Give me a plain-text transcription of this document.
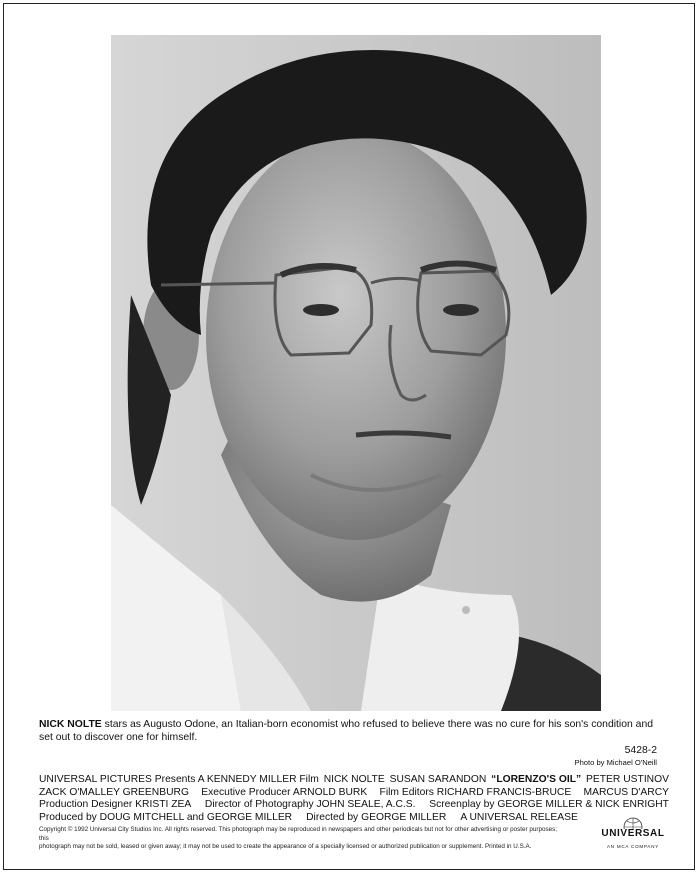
NICK NOLTE stars as Augusto Odone, an Italian-born economist who refused to believe there was no cure for his son's condition and set out to discover one for himself.
5428-2
Photo by Michael O'Neill
UNIVERSAL PICTURES Presents A KENNEDY MILLER Film NICK NOLTE SUSAN SARANDON “LORENZO'S OIL” PETER USTINOV
ZACK O'MALLEY GREENBURG Executive Producer ARNOLD BURK Film Editors RICHARD FRANCIS-BRUCE MARCUS D'ARCY
Production Designer KRISTI ZEA Director of Photography JOHN SEALE, A.C.S. Screenplay by GEORGE MILLER & NICK ENRIGHT
Produced by DOUG MITCHELL and GEORGE MILLER Directed by GEORGE MILLER A UNIVERSAL RELEASE
Copyright © 1992 Universal City Studios Inc. All rights reserved. This photograph may be reproduced in newspapers and other periodicals but not for other advertising or poster purposes; this
photograph may not be sold, leased or given away; it may not be used to create the appearance of a specially licensed or authorized publication or supplement. Printed in U.S.A.
UNIVERSAL
AN MCA COMPANY
